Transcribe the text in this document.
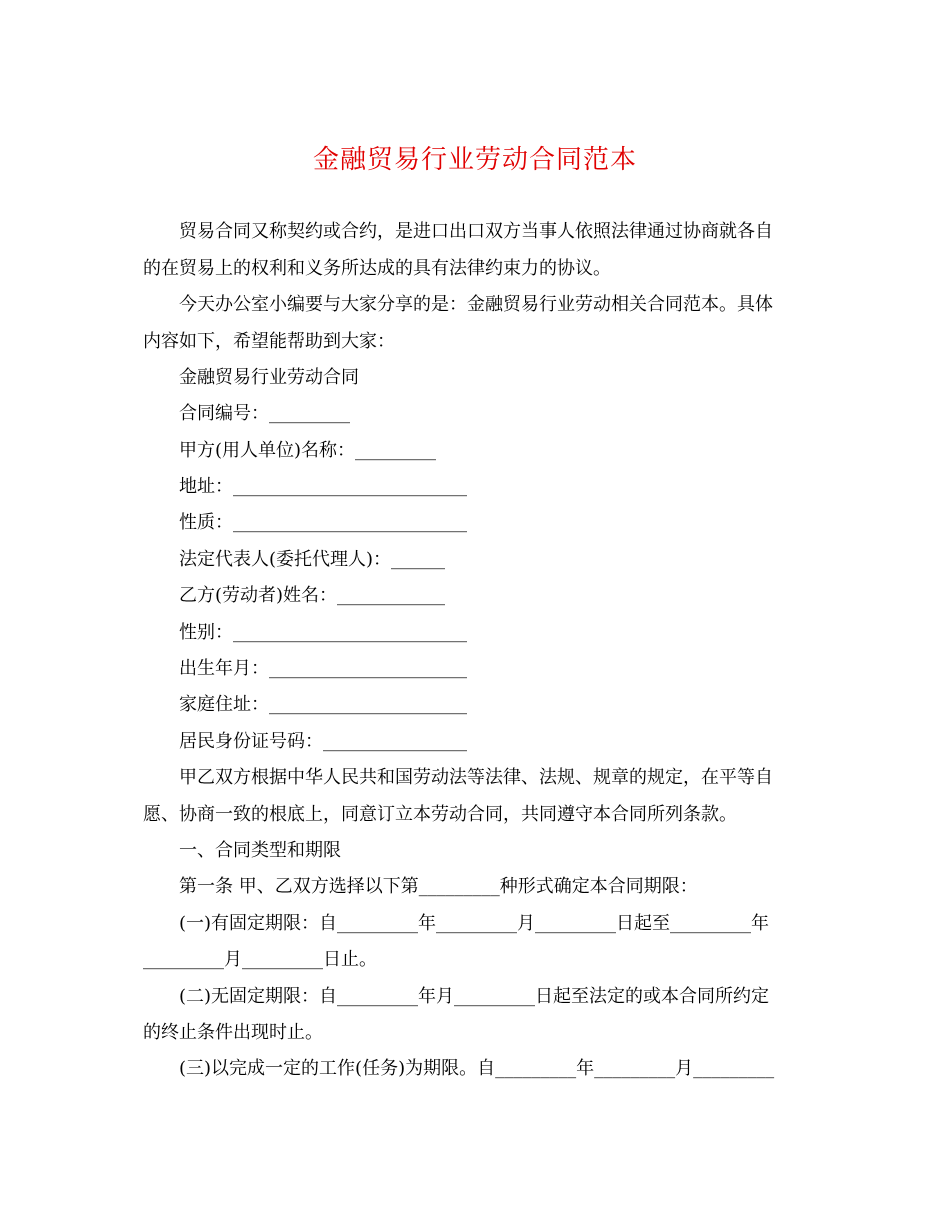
金融贸易行业劳动合同范本
贸易合同又称契约或合约，是进口出口双方当事人依照法律通过协商就各自
的在贸易上的权利和义务所达成的具有法律约束力的协议。
今天办公室小编要与大家分享的是：金融贸易行业劳动相关合同范本。具体
内容如下，希望能帮助到大家：
金融贸易行业劳动合同
合同编号：_________
甲方(用人单位)名称：_________
地址：__________________________
性质：__________________________
法定代表人(委托代理人)：______
乙方(劳动者)姓名：____________
性别：__________________________
出生年月：______________________
家庭住址：______________________
居民身份证号码：________________
甲乙双方根据中华人民共和国劳动法等法律、法规、规章的规定，在平等自
愿、协商一致的根底上，同意订立本劳动合同，共同遵守本合同所列条款。
一、合同类型和期限
第一条 甲、乙双方选择以下第_________种形式确定本合同期限：
(一)有固定期限：自_________年_________月_________日起至_________年
_________月_________日止。
(二)无固定期限：自_________年月_________日起至法定的或本合同所约定
的终止条件出现时止。
(三)以完成一定的工作(任务)为期限。自_________年_________月_________
